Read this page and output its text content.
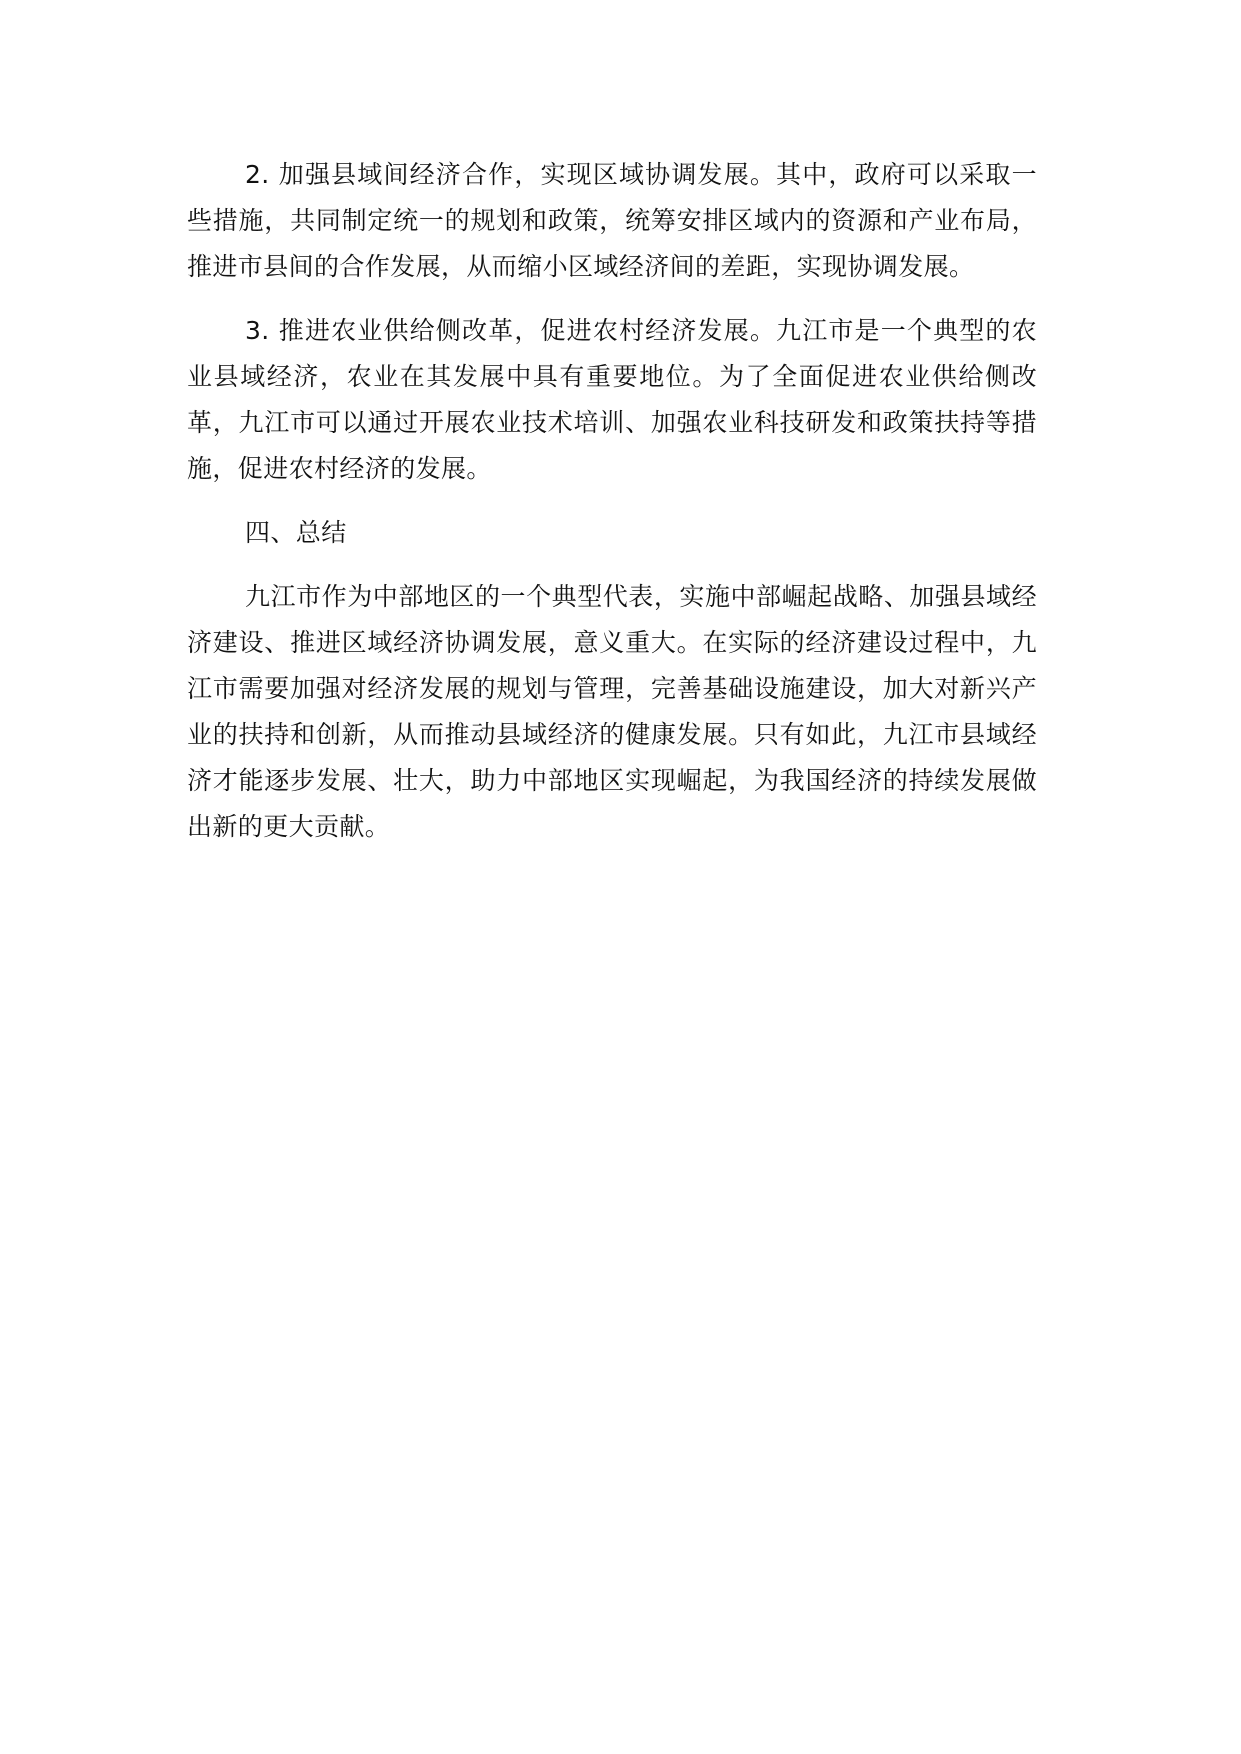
2. 加强县域间经济合作，实现区域协调发展。其中，政府可以采取一些措施，共同制定统一的规划和政策，统筹安排区域内的资源和产业布局，推进市县间的合作发展，从而缩小区域经济间的差距，实现协调发展。

3. 推进农业供给侧改革，促进农村经济发展。九江市是一个典型的农业县域经济，农业在其发展中具有重要地位。为了全面促进农业供给侧改革，九江市可以通过开展农业技术培训、加强农业科技研发和政策扶持等措施，促进农村经济的发展。

四、总结

九江市作为中部地区的一个典型代表，实施中部崛起战略、加强县域经济建设、推进区域经济协调发展，意义重大。在实际的经济建设过程中，九江市需要加强对经济发展的规划与管理，完善基础设施建设，加大对新兴产业的扶持和创新，从而推动县域经济的健康发展。只有如此，九江市县域经济才能逐步发展、壮大，助力中部地区实现崛起，为我国经济的持续发展做出新的更大贡献。
